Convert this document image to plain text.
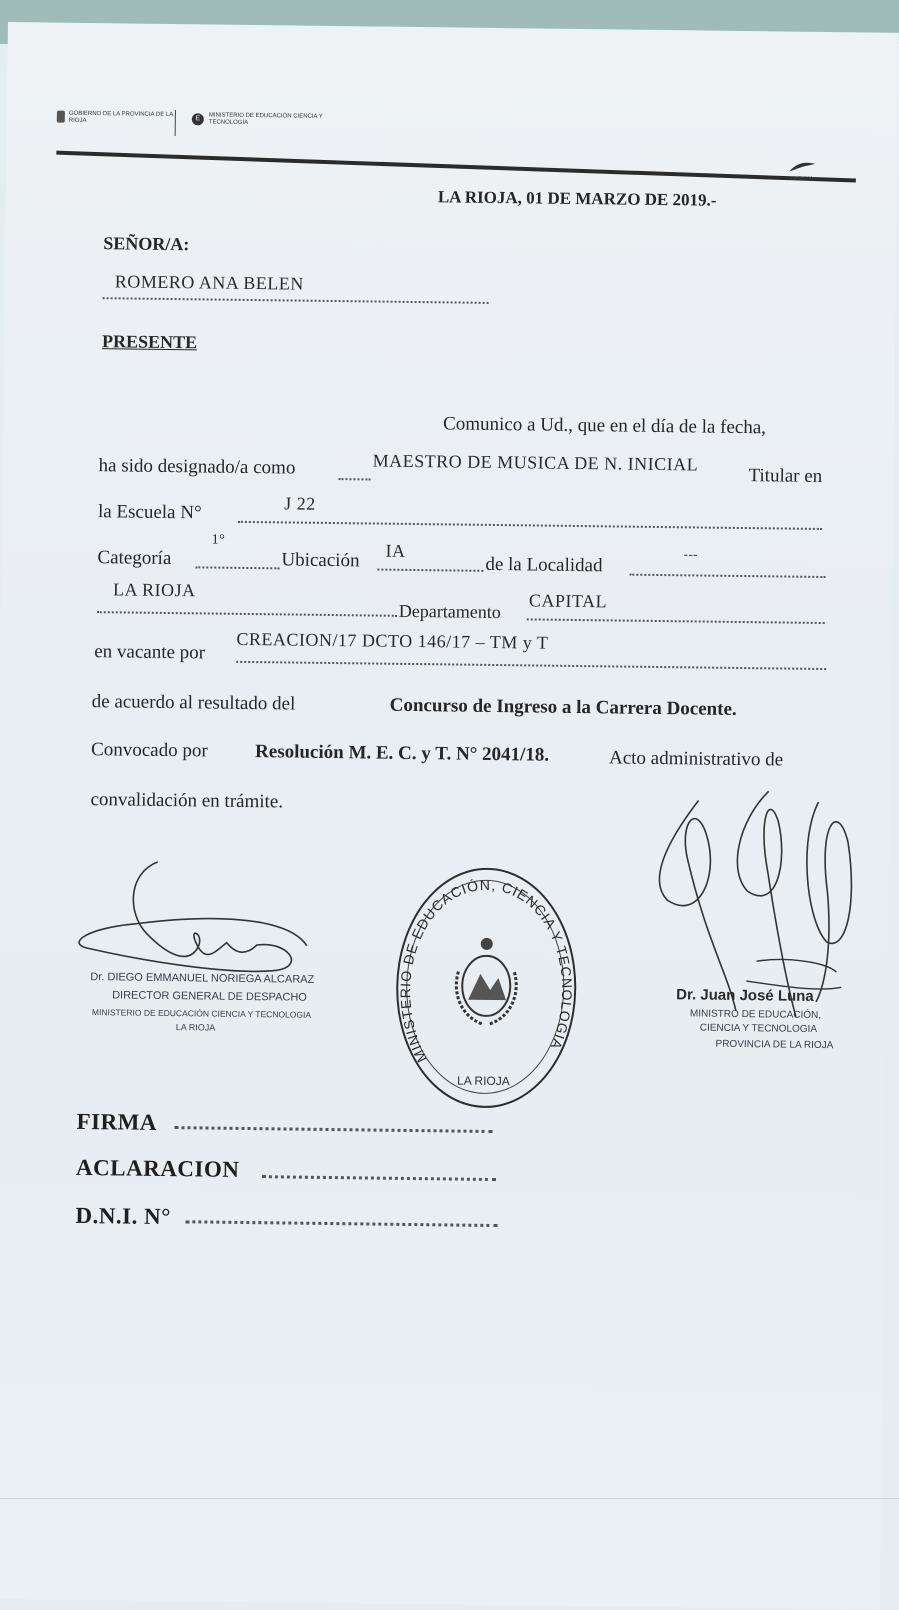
GOBIERNO DE LA PROVINCIA DE LA RIOJA	E	MINISTERIO DE EDUCACIÓN CIENCIA Y TECNOLOGÍA
LA RIOJA
LA RIOJA, 01 DE MARZO DE 2019.-
SEÑOR/A:
ROMERO ANA BELEN
PRESENTE
Comunico a Ud., que en el día de la fecha,
ha sido designado/a como	MAESTRO DE MUSICA DE N. INICIAL
Titular en
la Escuela N°	J 22
1°
Categoría	Ubicación IA
de la Localidad	---
LA RIOJA
Departamento CAPITAL
CREACION/17 DCTO 146/17 – TM y T
en vacante por
de acuerdo al resultado del	Concurso de Ingreso a la Carrera Docente.
Convocado por Resolución M. E. C. y T. N° 2041/18.	Acto administrativo de
convalidación en trámite.
Dr. DIEGO EMMANUEL NORIEGA ALCARAZ
DIRECTOR GENERAL DE DESPACHO
MINISTERIO DE EDUCACIÓN CIENCIA Y TECNOLOGIA
LA RIOJA
MINISTERIO DE EDUCACIÓN, CIENCIA Y TECNOLOGIA
LA RIOJA
Dr. Juan José Luna
MINISTRO DE EDUCACIÓN,
CIENCIA Y TECNOLOGIA
PROVINCIA DE LA RIOJA
FIRMA
ACLARACION
D.N.I. N°
